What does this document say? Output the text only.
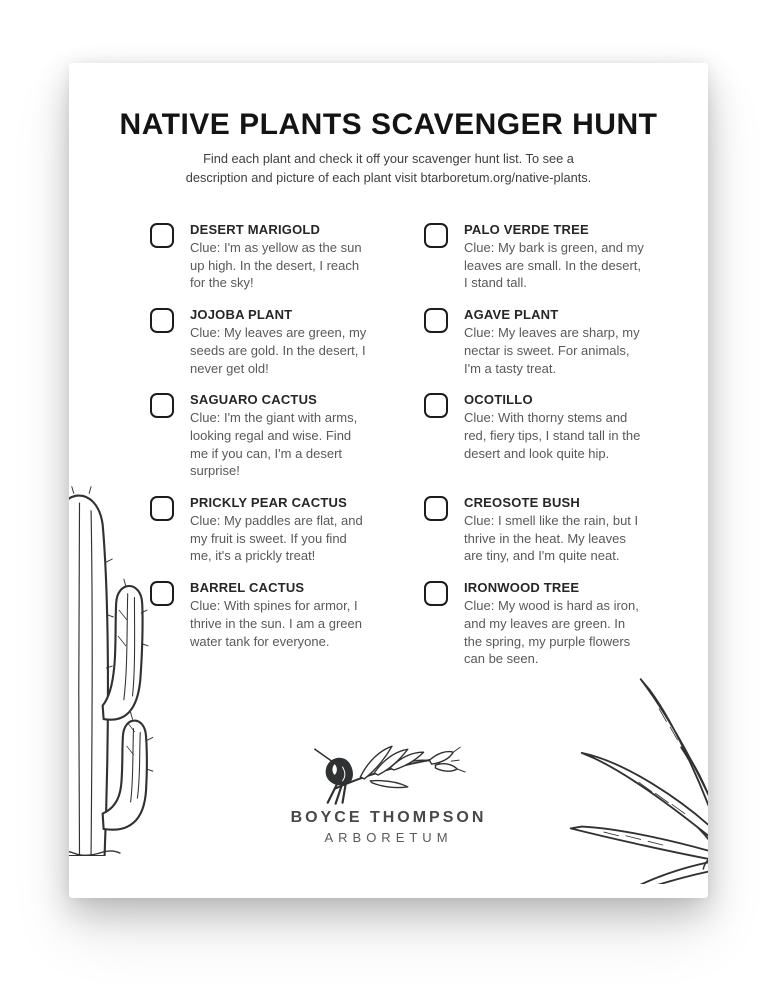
NATIVE PLANTS SCAVENGER HUNT
Find each plant and check it off your scavenger hunt list. To see a
description and picture of each plant visit btarboretum.org/native-plants.
DESERT MARIGOLD
Clue: I'm as yellow as the sun up high. In the desert, I reach for the sky!
PALO VERDE TREE
Clue: My bark is green, and my leaves are small. In the desert, I stand tall.
JOJOBA PLANT
Clue: My leaves are green, my seeds are gold. In the desert, I never get old!
AGAVE PLANT
Clue: My leaves are sharp, my nectar is sweet. For animals, I'm a tasty treat.
SAGUARO CACTUS
Clue: I'm the giant with arms, looking regal and wise. Find me if you can, I'm a desert surprise!
OCOTILLO
Clue: With thorny stems and red, fiery tips, I stand tall in the desert and look quite hip.
PRICKLY PEAR CACTUS
Clue: My paddles are flat, and my fruit is sweet. If you find me, it's a prickly treat!
CREOSOTE BUSH
Clue: I smell like the rain, but I thrive in the heat. My leaves are tiny, and I'm quite neat.
BARREL CACTUS
Clue: With spines for armor, I thrive in the sun. I am a green water tank for everyone.
IRONWOOD TREE
Clue: My wood is hard as iron, and my leaves are green. In the spring, my purple flowers can be seen.
BOYCE THOMPSON
ARBORETUM
